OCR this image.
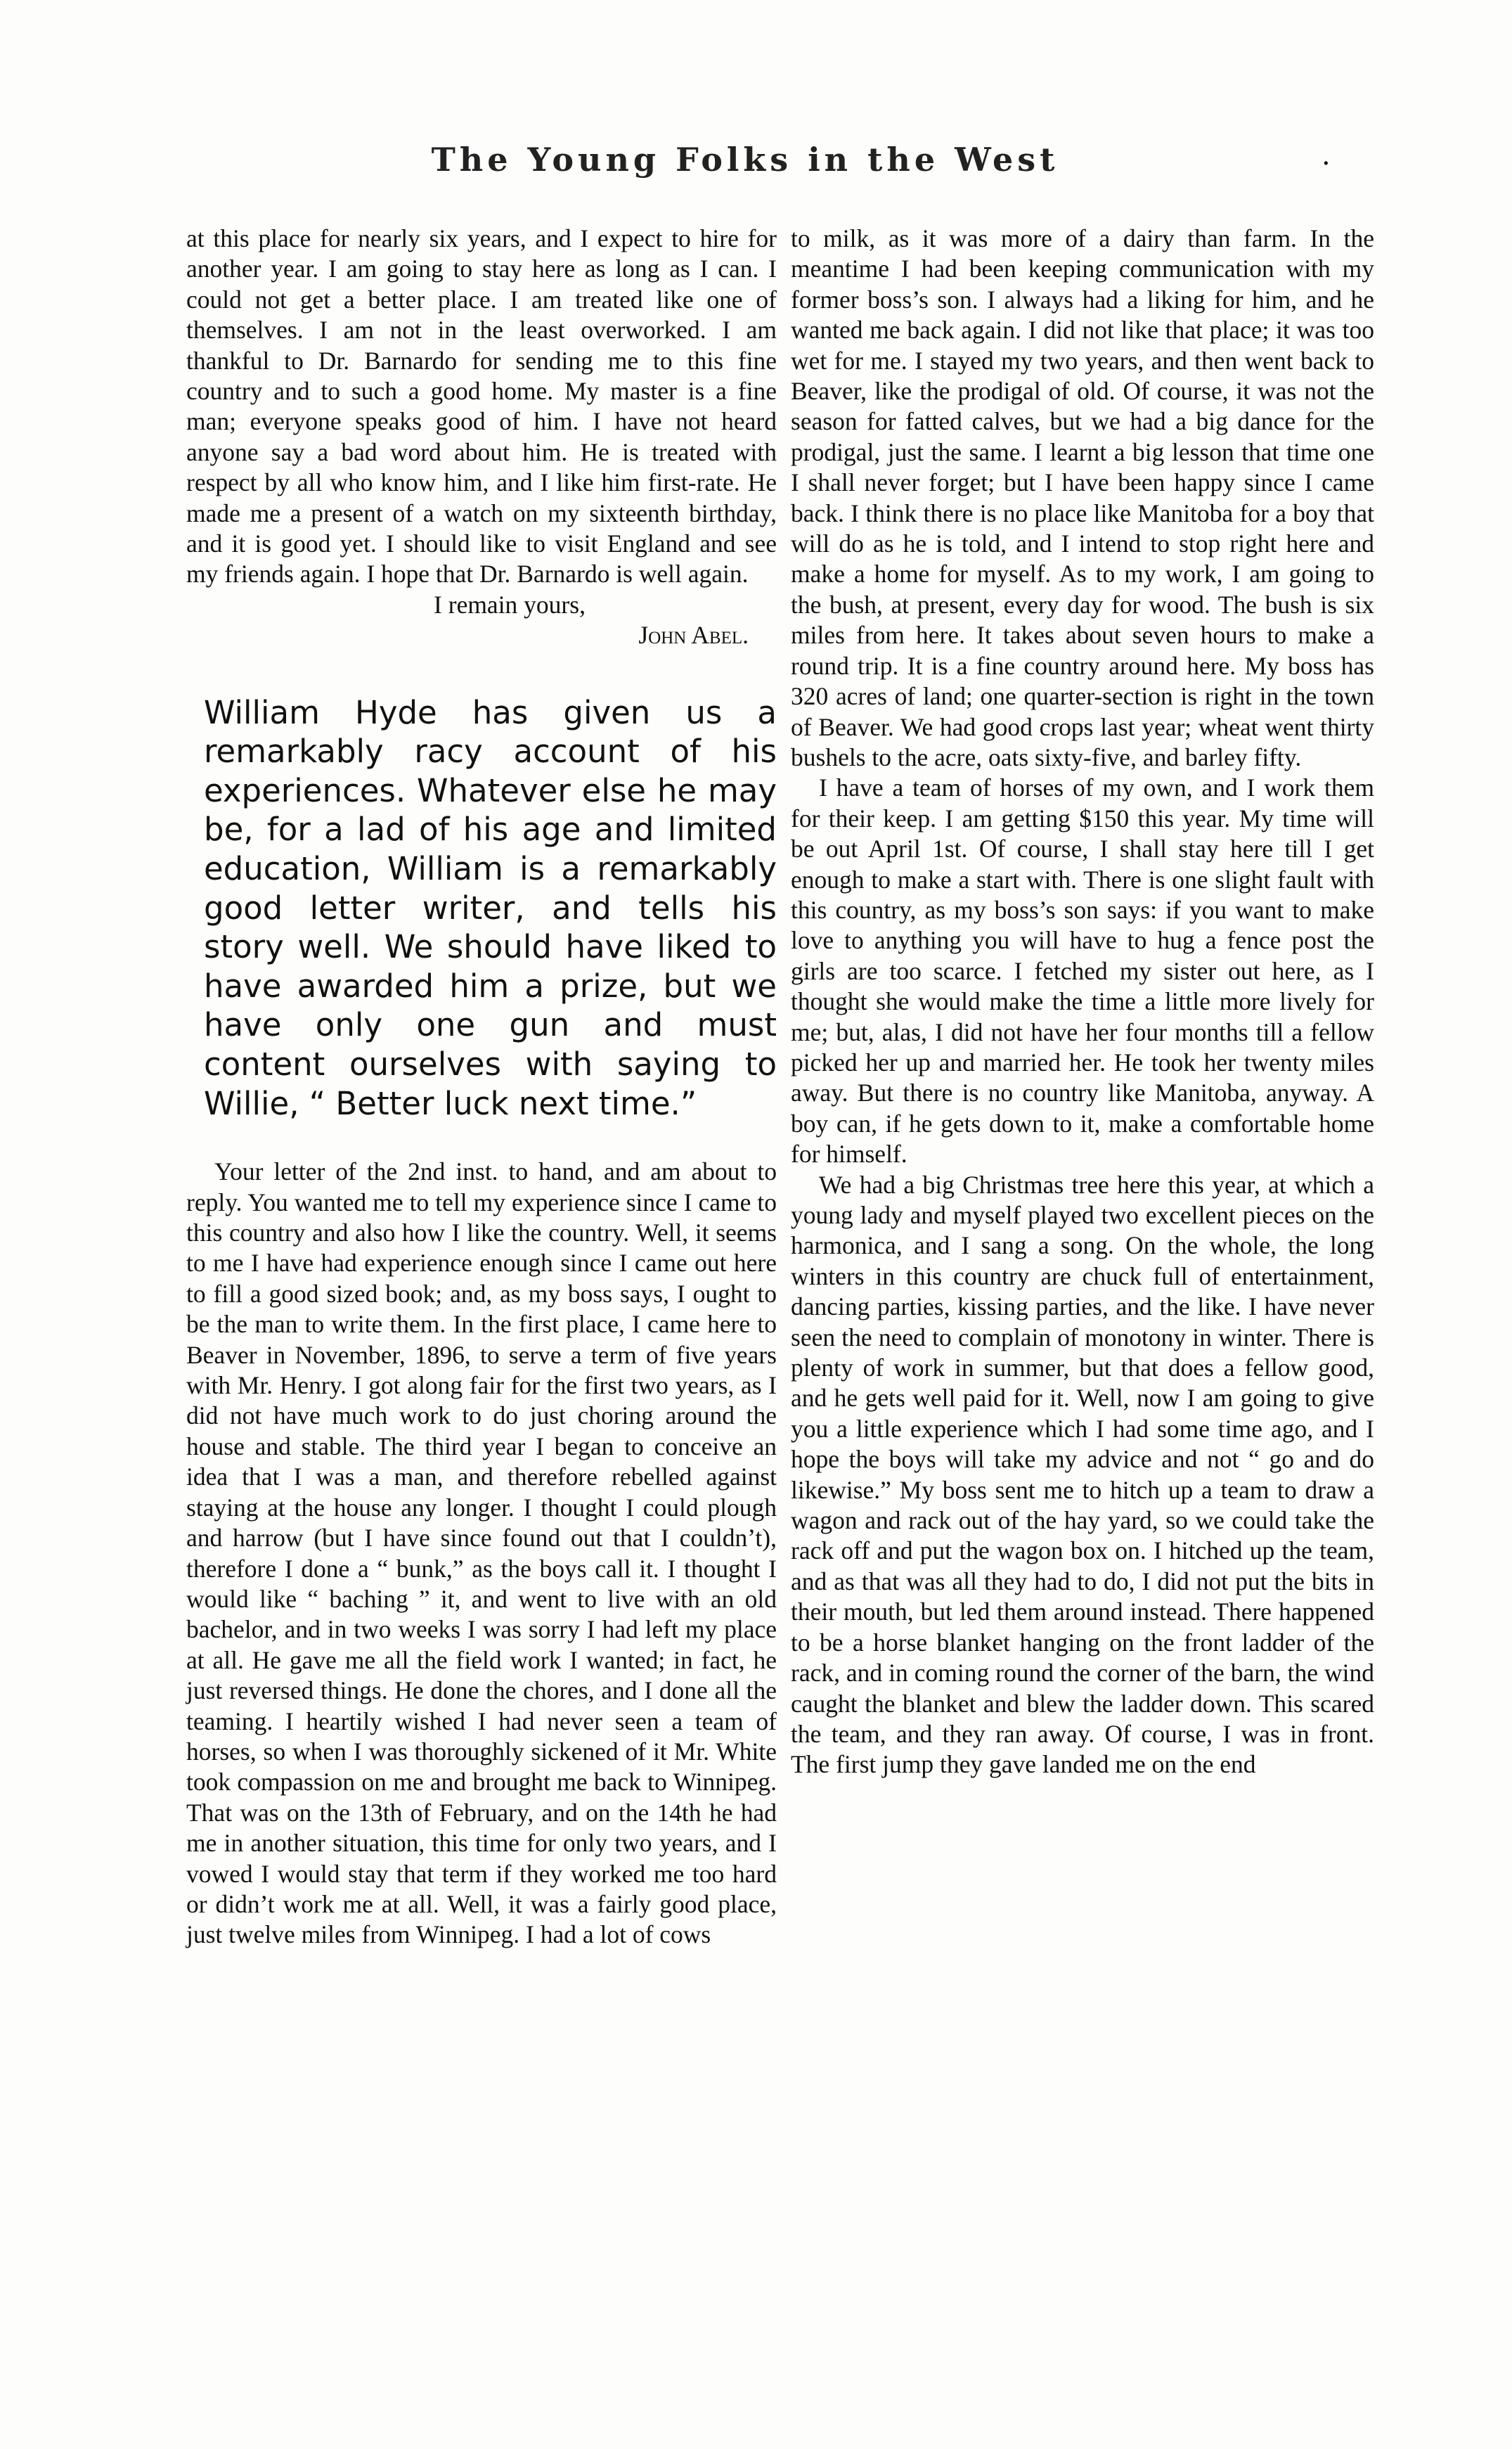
The Young Folks in the West	.

at this place for nearly six years, and I expect to hire for another year. I am going to stay here as long as I can. I could not get a better place. I am treated like one of themselves. I am not in the least overworked. I am thankful to Dr. Barnardo for sending me to this fine country and to such a good home. My master is a fine man; everyone speaks good of him. I have not heard anyone say a bad word about him. He is treated with respect by all who know him, and I like him first-rate. He made me a present of a watch on my sixteenth birthday, and it is good yet. I should like to visit England and see my friends again. I hope that Dr. Barnardo is well again.

I remain yours,

John Abel.

William Hyde has given us a remarkably racy account of his experiences. Whatever else he may be, for a lad of his age and limited education, William is a remarkably good letter writer, and tells his story well. We should have liked to have awarded him a prize, but we have only one gun and must content ourselves with saying to Willie, “ Better luck next time.”

Your letter of the 2nd inst. to hand, and am about to reply. You wanted me to tell my experience since I came to this country and also how I like the country. Well, it seems to me I have had experience enough since I came out here to fill a good sized book; and, as my boss says, I ought to be the man to write them. In the first place, I came here to Beaver in November, 1896, to serve a term of five years with Mr. Henry. I got along fair for the first two years, as I did not have much work to do just choring around the house and stable. The third year I began to conceive an idea that I was a man, and therefore rebelled against staying at the house any longer. I thought I could plough and harrow (but I have since found out that I couldn’t), therefore I done a “ bunk,” as the boys call it. I thought I would like “ baching ” it, and went to live with an old bachelor, and in two weeks I was sorry I had left my place at all. He gave me all the field work I wanted; in fact, he just reversed things. He done the chores, and I done all the teaming. I heartily wished I had never seen a team of horses, so when I was thoroughly sickened of it Mr. White took compassion on me and brought me back to Winnipeg. That was on the 13th of February, and on the 14th he had me in another situation, this time for only two years, and I vowed I would stay that term if they worked me too hard or didn’t work me at all. Well, it was a fairly good place, just twelve miles from Winnipeg. I had a lot of cows

to milk, as it was more of a dairy than farm. In the meantime I had been keeping communication with my former boss’s son. I always had a liking for him, and he wanted me back again. I did not like that place; it was too wet for me. I stayed my two years, and then went back to Beaver, like the prodigal of old. Of course, it was not the season for fatted calves, but we had a big dance for the prodigal, just the same. I learnt a big lesson that time one I shall never forget; but I have been happy since I came back. I think there is no place like Manitoba for a boy that will do as he is told, and I intend to stop right here and make a home for myself. As to my work, I am going to the bush, at present, every day for wood. The bush is six miles from here. It takes about seven hours to make a round trip. It is a fine country around here. My boss has 320 acres of land; one quarter-section is right in the town of Beaver. We had good crops last year; wheat went thirty bushels to the acre, oats sixty-five, and barley fifty.

I have a team of horses of my own, and I work them for their keep. I am getting $150 this year. My time will be out April 1st. Of course, I shall stay here till I get enough to make a start with. There is one slight fault with this country, as my boss’s son says: if you want to make love to anything you will have to hug a fence post the girls are too scarce. I fetched my sister out here, as I thought she would make the time a little more lively for me; but, alas, I did not have her four months till a fellow picked her up and married her. He took her twenty miles away. But there is no country like Manitoba, anyway. A boy can, if he gets down to it, make a comfortable home for himself.

We had a big Christmas tree here this year, at which a young lady and myself played two excellent pieces on the harmonica, and I sang a song. On the whole, the long winters in this country are chuck full of entertainment, dancing parties, kissing parties, and the like. I have never seen the need to complain of monotony in winter. There is plenty of work in summer, but that does a fellow good, and he gets well paid for it. Well, now I am going to give you a little experience which I had some time ago, and I hope the boys will take my advice and not “ go and do likewise.” My boss sent me to hitch up a team to draw a wagon and rack out of the hay yard, so we could take the rack off and put the wagon box on. I hitched up the team, and as that was all they had to do, I did not put the bits in their mouth, but led them around instead. There happened to be a horse blanket hanging on the front ladder of the rack, and in coming round the corner of the barn, the wind caught the blanket and blew the ladder down. This scared the team, and they ran away. Of course, I was in front. The first jump they gave landed me on the end
